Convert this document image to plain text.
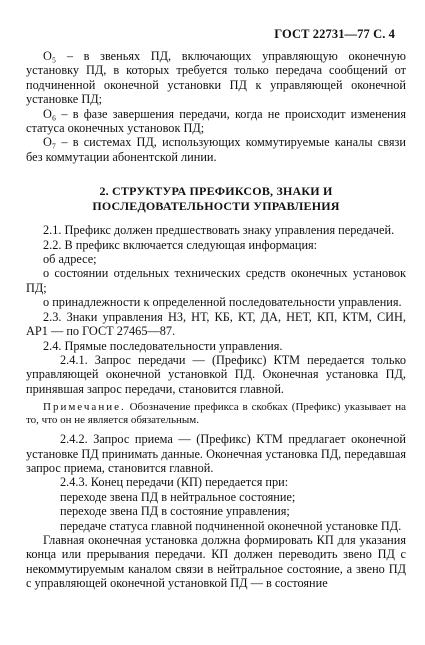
ГОСТ 22731—77 С. 4

О₅ – в звеньях ПД, включающих управляющую оконечную установку ПД, в которых требуется только передача сообщений от подчиненной оконечной установки ПД к управляющей оконечной установке ПД;

О₆ – в фазе завершения передачи, когда не происходит изменения статуса оконечных установок ПД;

О₇ – в системах ПД, использующих коммутируемые каналы связи без коммутации абонентской линии.

2. СТРУКТУРА ПРЕФИКСОВ, ЗНАКИ И ПОСЛЕДОВАТЕЛЬНОСТИ УПРАВЛЕНИЯ

2.1. Префикс должен предшествовать знаку управления передачей.

2.2. В префикс включается следующая информация:

об адресе;

о состоянии отдельных технических средств оконечных установок ПД;

о принадлежности к определенной последовательности управления.

2.3. Знаки управления НЗ, НТ, КБ, КТ, ДА, НЕТ, КП, КТМ, СИН, АР1 — по ГОСТ 27465—87.

2.4. Прямые последовательности управления.

2.4.1. Запрос передачи — (Префикс) КТМ передается только управляющей оконечной установкой ПД. Оконечная установка ПД, принявшая запрос передачи, становится главной.

Примечание. Обозначение префикса в скобках (Префикс) указывает на то, что он не является обязательным.

2.4.2. Запрос приема — (Префикс) КТМ предлагает оконечной установке ПД принимать данные. Оконечная установка ПД, передавшая запрос приема, становится главной.

2.4.3. Конец передачи (КП) передается при:

переходе звена ПД в нейтральное состояние;

переходе звена ПД в состояние управления;

передаче статуса главной подчиненной оконечной установке ПД.

Главная оконечная установка должна формировать КП для указания конца или прерывания передачи. КП должен переводить звено ПД с некоммутируемым каналом связи в нейтральное состояние, а звено ПД с управляющей оконечной установкой ПД — в состояние
